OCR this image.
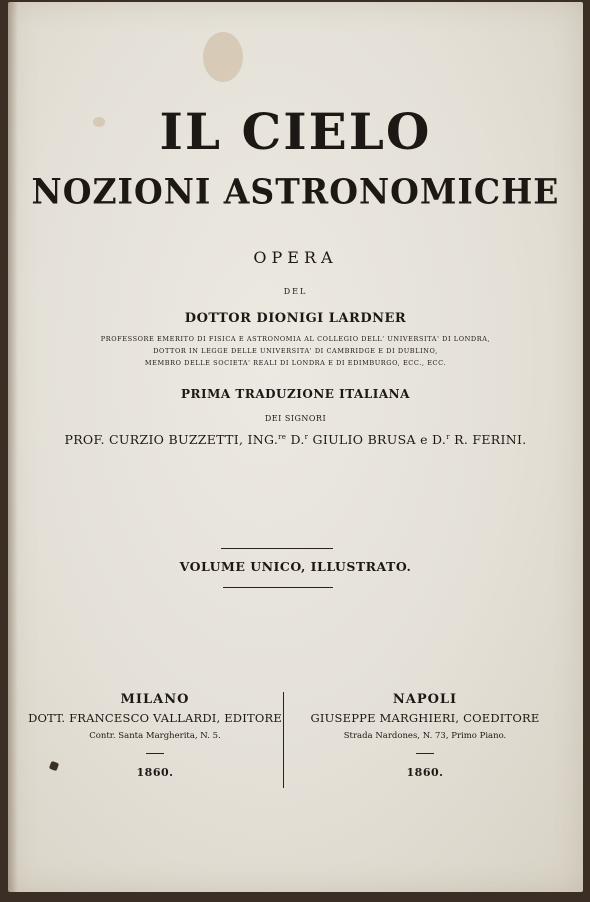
IL CIELO
NOZIONI ASTRONOMICHE
OPERA
DEL
DOTTOR DIONIGI LARDNER
PROFESSORE EMERITO DI FISICA E ASTRONOMIA AL COLLEGIO DELL' UNIVERSITA' DI LONDRA,
DOTTOR IN LEGGE DELLE UNIVERSITA' DI CAMBRIDGE E DI DUBLINO,
MEMBRO DELLE SOCIETA' REALI DI LONDRA E DI EDIMBURGO, ECC., ECC.
PRIMA TRADUZIONE ITALIANA
DEI SIGNORI
PROF. CURZIO BUZZETTI, ING.$^{re}$ D.$^r$ GIULIO BRUSA e D.$^r$ R. FERINI.
VOLUME UNICO, ILLUSTRATO.
MILANO
DOTT. FRANCESCO VALLARDI, EDITORE
Contr. Santa Margherita, N. 5.
1860.
NAPOLI
GIUSEPPE MARGHIERI, COEDITORE
Strada Nardones, N. 73, Primo Piano.
1860.
